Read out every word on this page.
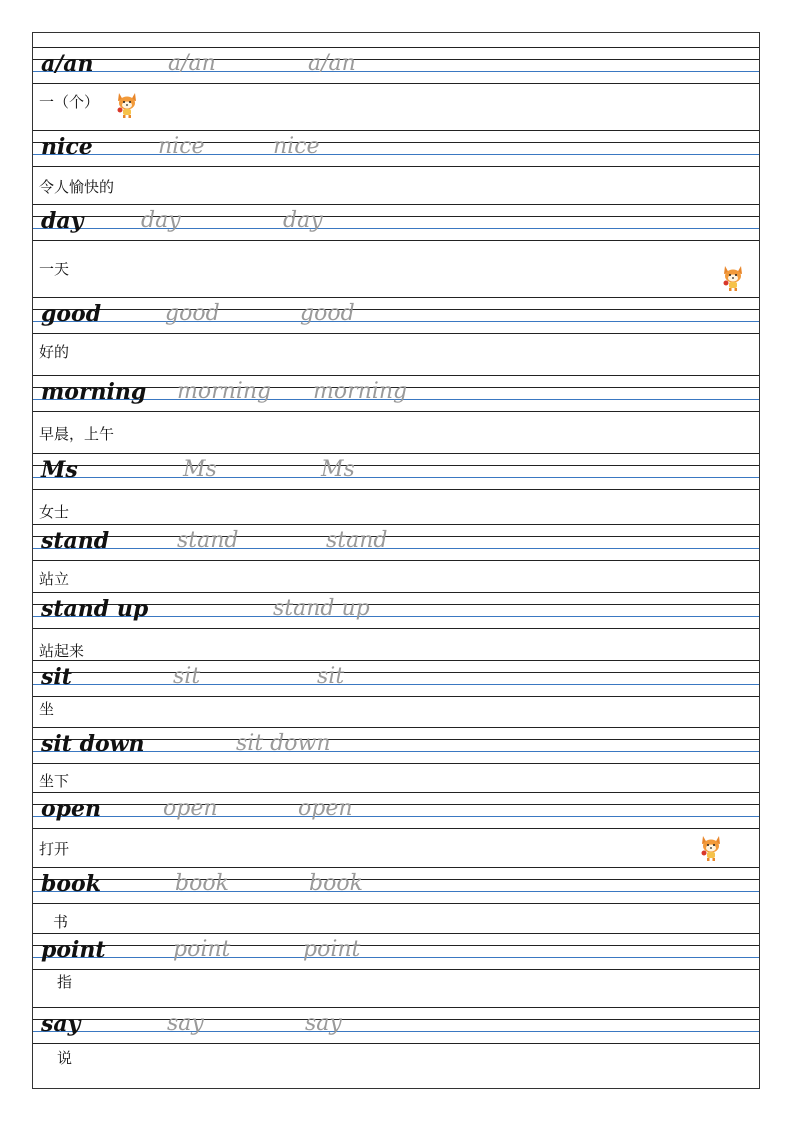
a/an	a/an	a/an
一（个）
nice	nice	nice
令人愉快的
day	day	day
一天
good	good	good
好的
morning morning morning
早晨，上午
Ms	Ms	Ms
女士
stand	stand	stand
站立
stand up	stand up
站起来
sit	sit	sit
坐
sit down	sit down
坐下
open	open	open
打开
book	book	book
书
point	point	point
指
say	say	say
说
